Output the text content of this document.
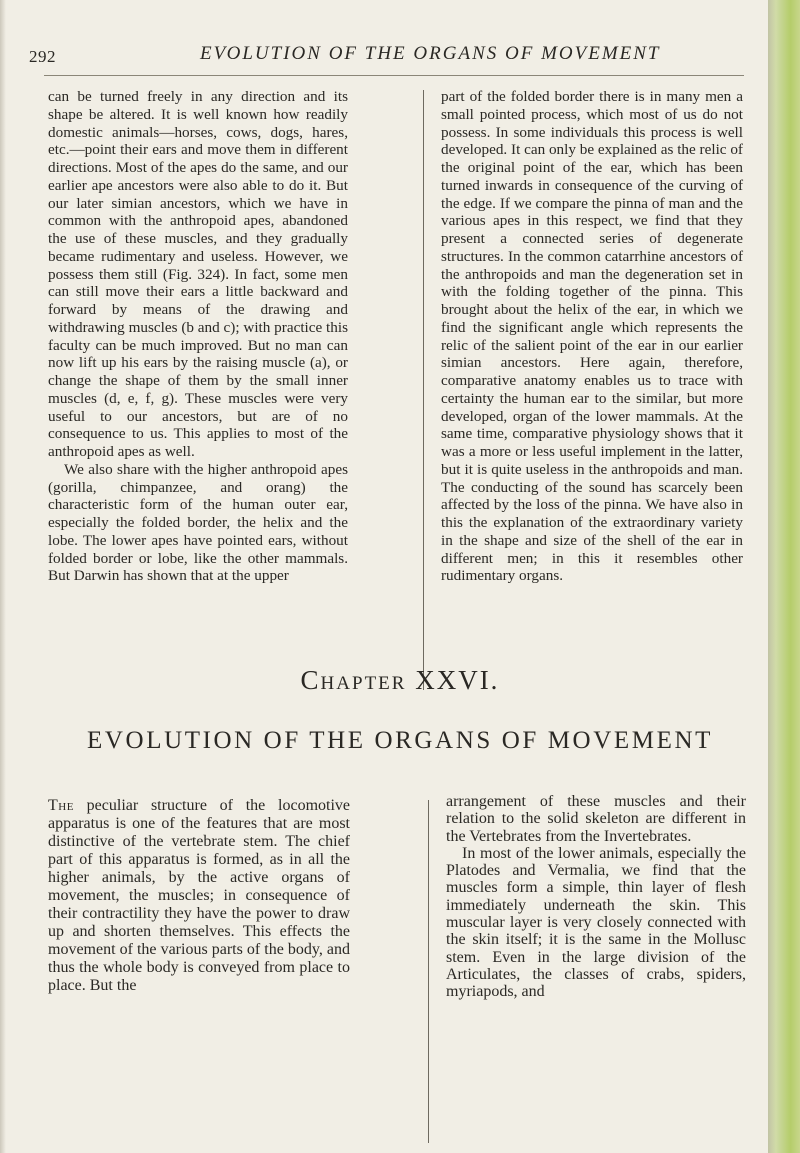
292	EVOLUTION OF THE ORGANS OF MOVEMENT

can be turned freely in any direction and its shape be altered. It is well known how readily domestic animals—horses, cows, dogs, hares, etc.—point their ears and move them in different directions. Most of the apes do the same, and our earlier ape ancestors were also able to do it. But our later simian ancestors, which we have in common with the anthropoid apes, abandoned the use of these muscles, and they gradually became rudimentary and useless. However, we possess them still (Fig. 324). In fact, some men can still move their ears a little backward and forward by means of the drawing and withdrawing muscles (b and c); with practice this faculty can be much improved. But no man can now lift up his ears by the raising muscle (a), or change the shape of them by the small inner muscles (d, e, f, g). These muscles were very useful to our ancestors, but are of no consequence to us. This applies to most of the anthropoid apes as well.

We also share with the higher anthropoid apes (gorilla, chimpanzee, and orang) the characteristic form of the human outer ear, especially the folded border, the helix and the lobe. The lower apes have pointed ears, without folded border or lobe, like the other mammals. But Darwin has shown that at the upper

part of the folded border there is in many men a small pointed process, which most of us do not possess. In some individuals this process is well developed. It can only be explained as the relic of the original point of the ear, which has been turned inwards in consequence of the curving of the edge. If we compare the pinna of man and the various apes in this respect, we find that they present a connected series of degenerate structures. In the common catarrhine ancestors of the anthropoids and man the degeneration set in with the folding together of the pinna. This brought about the helix of the ear, in which we find the significant angle which represents the relic of the salient point of the ear in our earlier simian ancestors. Here again, therefore, comparative anatomy enables us to trace with certainty the human ear to the similar, but more developed, organ of the lower mammals. At the same time, comparative physiology shows that it was a more or less useful implement in the latter, but it is quite useless in the anthropoids and man. The conducting of the sound has scarcely been affected by the loss of the pinna. We have also in this the explanation of the extraordinary variety in the shape and size of the shell of the ear in different men; in this it resembles other rudimentary organs.

Chapter XXVI.
EVOLUTION OF THE ORGANS OF MOVEMENT

The peculiar structure of the locomotive apparatus is one of the features that are most distinctive of the vertebrate stem. The chief part of this apparatus is formed, as in all the higher animals, by the active organs of movement, the muscles; in consequence of their contractility they have the power to draw up and shorten themselves. This effects the movement of the various parts of the body, and thus the whole body is conveyed from place to place. But the

arrangement of these muscles and their relation to the solid skeleton are different in the Vertebrates from the Invertebrates.

In most of the lower animals, especially the Platodes and Vermalia, we find that the muscles form a simple, thin layer of flesh immediately underneath the skin. This muscular layer is very closely connected with the skin itself; it is the same in the Mollusc stem. Even in the large division of the Articulates, the classes of crabs, spiders, myriapods, and
